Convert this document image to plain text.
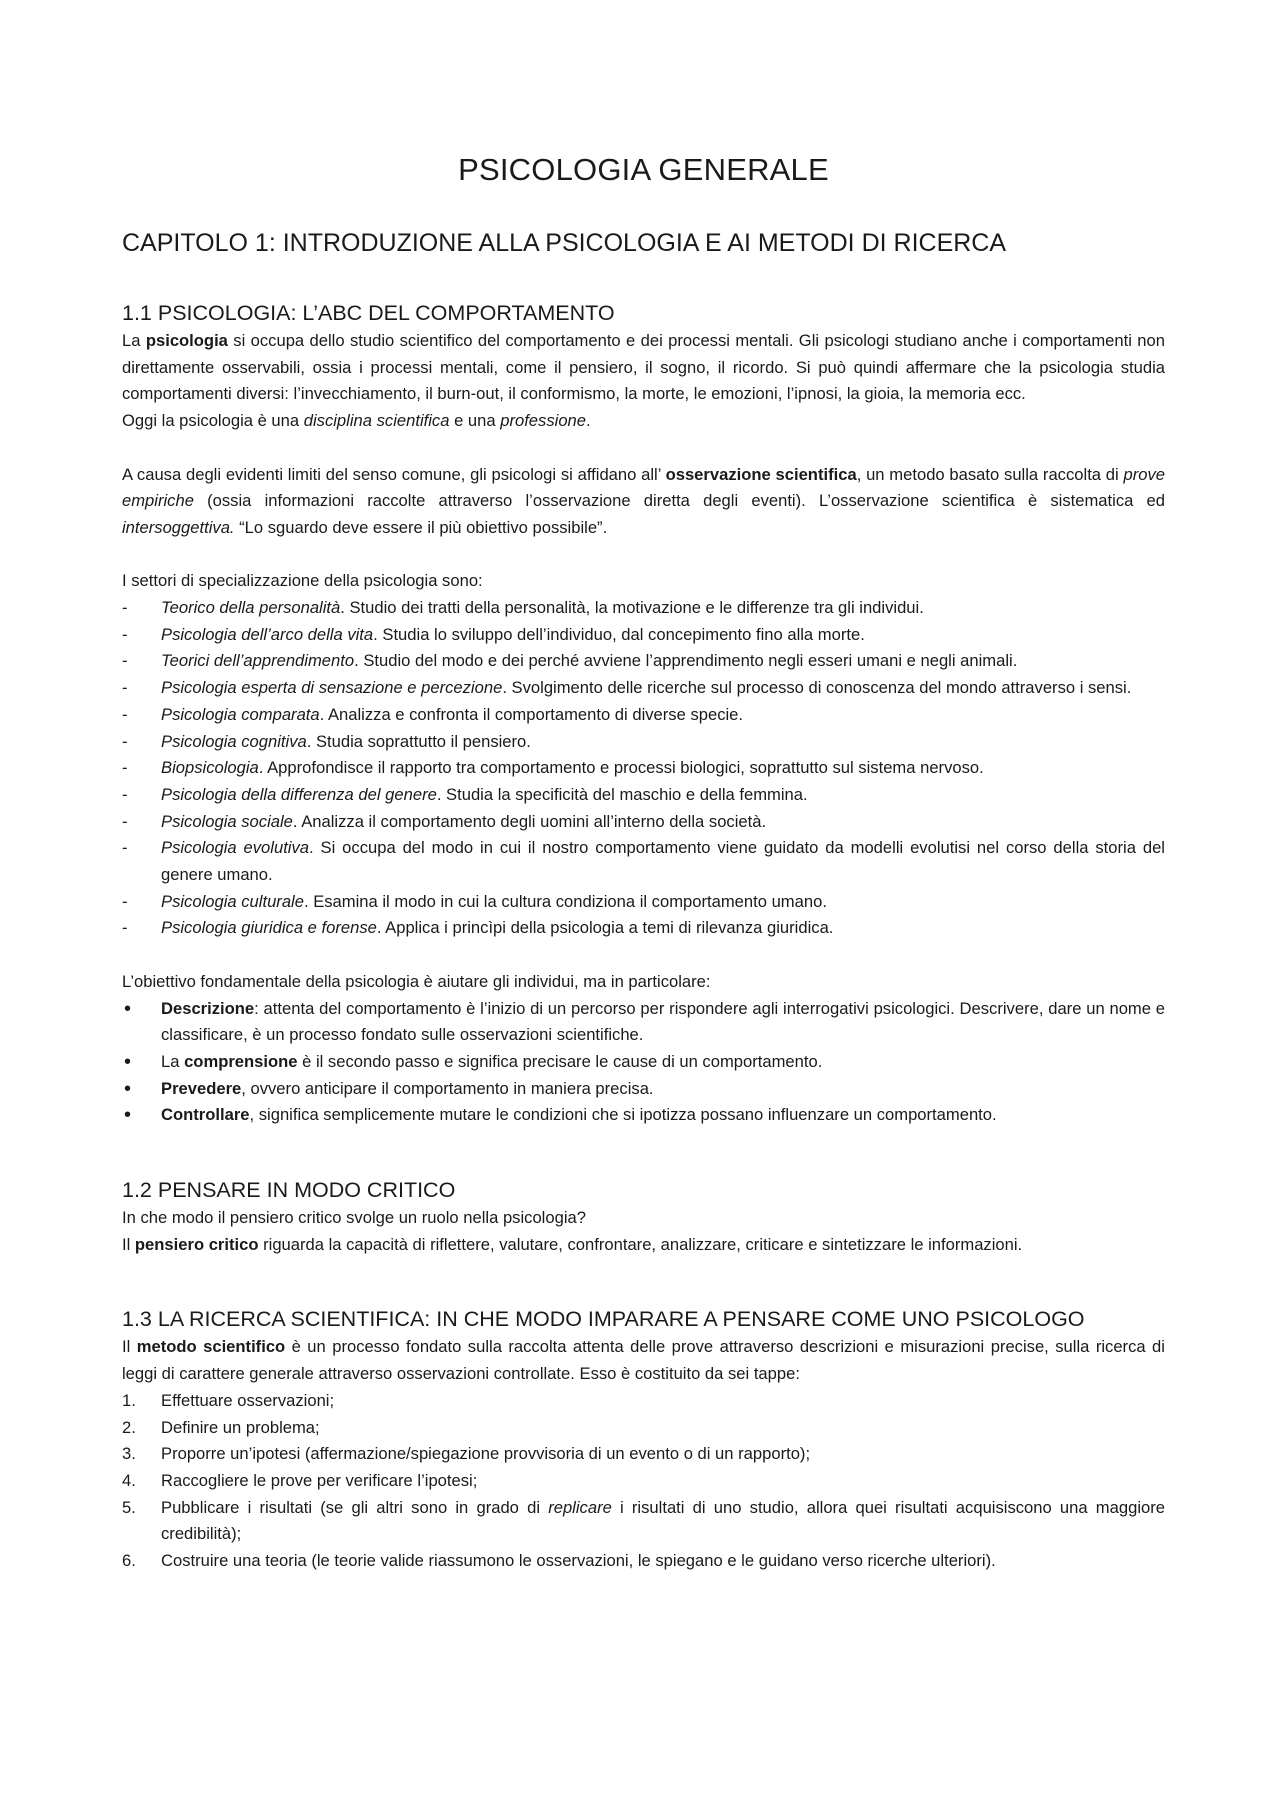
PSICOLOGIA GENERALE
CAPITOLO 1: INTRODUZIONE ALLA PSICOLOGIA E AI METODI DI RICERCA
1.1 PSICOLOGIA: L’ABC DEL COMPORTAMENTO

La psicologia si occupa dello studio scientifico del comportamento e dei processi mentali. Gli psicologi studiano anche i comportamenti non direttamente osservabili, ossia i processi mentali, come il pensiero, il sogno, il ricordo. Si può quindi affermare che la psicologia studia comportamenti diversi: l’invecchiamento, il burn-out, il conformismo, la morte, le emozioni, l’ipnosi, la gioia, la memoria ecc.

Oggi la psicologia è una disciplina scientifica e una professione.

A causa degli evidenti limiti del senso comune, gli psicologi si affidano all’ osservazione scientifica, un metodo basato sulla raccolta di prove empiriche (ossia informazioni raccolte attraverso l’osservazione diretta degli eventi). L’osservazione scientifica è sistematica ed intersoggettiva. “Lo sguardo deve essere il più obiettivo possibile”.

I settori di specializzazione della psicologia sono:

- Teorico della personalità. Studio dei tratti della personalità, la motivazione e le differenze tra gli individui.
- Psicologia dell’arco della vita. Studia lo sviluppo dell’individuo, dal concepimento fino alla morte.
- Teorici dell’apprendimento. Studio del modo e dei perché avviene l’apprendimento negli esseri umani e negli animali.
- Psicologia esperta di sensazione e percezione. Svolgimento delle ricerche sul processo di conoscenza del mondo attraverso i sensi.

- Psicologia comparata. Analizza e confronta il comportamento di diverse specie.
- Psicologia cognitiva. Studia soprattutto il pensiero.
- Biopsicologia. Approfondisce il rapporto tra comportamento e processi biologici, soprattutto sul sistema nervoso.
- Psicologia della differenza del genere. Studia la specificità del maschio e della femmina.
- Psicologia sociale. Analizza il comportamento degli uomini all’interno della società.
- Psicologia evolutiva. Si occupa del modo in cui il nostro comportamento viene guidato da modelli evolutisi nel corso della storia del genere umano.

- Psicologia culturale. Esamina il modo in cui la cultura condiziona il comportamento umano.
- Psicologia giuridica e forense. Applica i princìpi della psicologia a temi di rilevanza giuridica.

L’obiettivo fondamentale della psicologia è aiutare gli individui, ma in particolare:

• Descrizione: attenta del comportamento è l’inizio di un percorso per rispondere agli interrogativi psicologici. Descrivere, dare un nome e classificare, è un processo fondato sulle osservazioni scientifiche.

• La comprensione è il secondo passo e significa precisare le cause di un comportamento.

• Prevedere, ovvero anticipare il comportamento in maniera precisa.

• Controllare, significa semplicemente mutare le condizioni che si ipotizza possano influenzare un comportamento.

1.2 PENSARE IN MODO CRITICO

In che modo il pensiero critico svolge un ruolo nella psicologia?

Il pensiero critico riguarda la capacità di riflettere, valutare, confrontare, analizzare, criticare e sintetizzare le informazioni.

1.3 LA RICERCA SCIENTIFICA: IN CHE MODO IMPARARE A PENSARE COME UNO PSICOLOGO

Il metodo scientifico è un processo fondato sulla raccolta attenta delle prove attraverso descrizioni e misurazioni precise, sulla ricerca di leggi di carattere generale attraverso osservazioni controllate. Esso è costituito da sei tappe:

1. Effettuare osservazioni;

2. Definire un problema;

3. Proporre un’ipotesi (affermazione/spiegazione provvisoria di un evento o di un rapporto);

4. Raccogliere le prove per verificare l’ipotesi;

5. Pubblicare i risultati (se gli altri sono in grado di replicare i risultati di uno studio, allora quei risultati acquisiscono una maggiore credibilità);

6. Costruire una teoria (le teorie valide riassumono le osservazioni, le spiegano e le guidano verso ricerche ulteriori).
